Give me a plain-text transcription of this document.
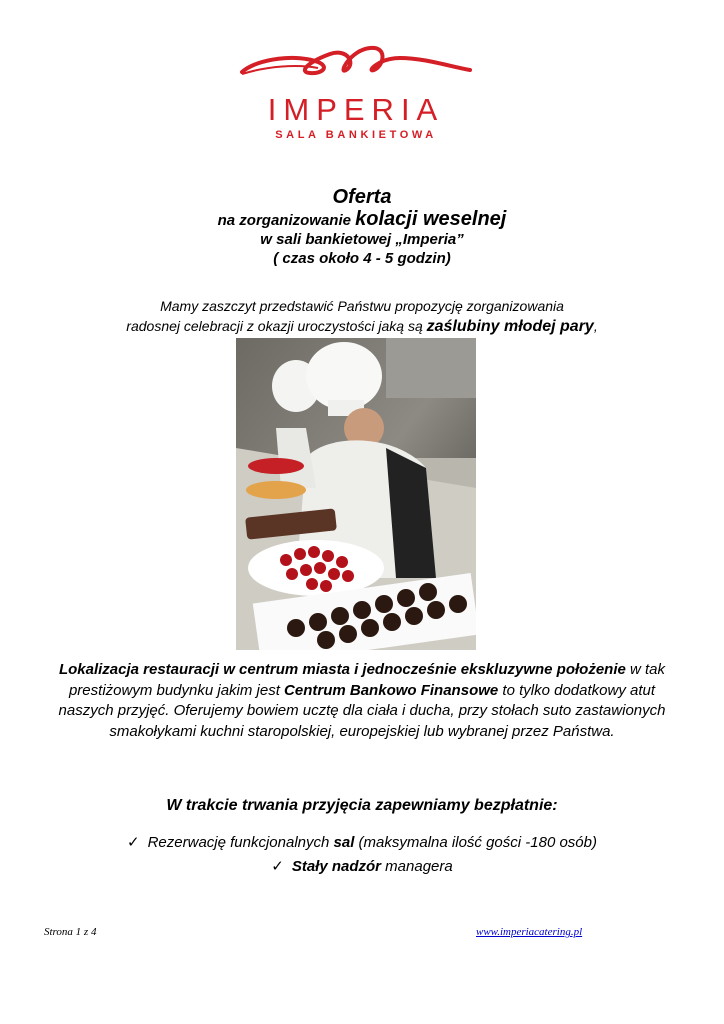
IMPERIA
SALA BANKIETOWA
Oferta
na zorganizowanie kolacji weselnej
w sali bankietowej „Imperia”
( czas około 4 - 5 godzin)
Mamy zaszczyt przedstawić Państwu propozycję zorganizowania
radosnej celebracji z okazji uroczystości jaką są zaślubiny młodej pary,
Lokalizacja restauracji w centrum miasta i jednocześnie ekskluzywne położenie w tak prestiżowym budynku jakim jest Centrum Bankowo Finansowe to tylko dodatkowy atut naszych przyjęć. Oferujemy bowiem ucztę dla ciała i ducha, przy stołach suto zastawionych smakołykami kuchni staropolskiej, europejskiej lub wybranej przez Państwa.
W trakcie trwania przyjęcia zapewniamy bezpłatnie:
✓ Rezerwację funkcjonalnych sal (maksymalna ilość gości -180 osób)
✓ Stały nadzór managera
Strona 1 z 4	www.imperiacatering.pl
